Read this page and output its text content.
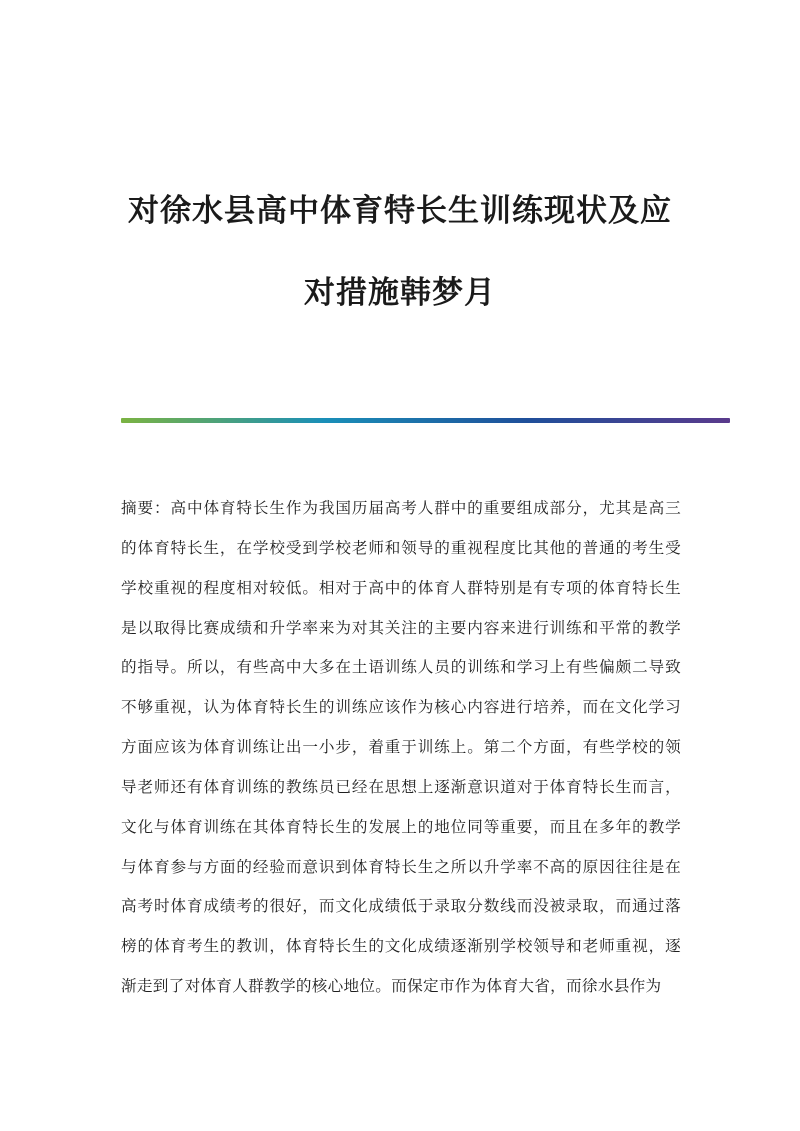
对徐水县高中体育特长生训练现状及应
对措施韩梦月
摘要：高中体育特长生作为我国历届高考人群中的重要组成部分，尤其是高三
的体育特长生，在学校受到学校老师和领导的重视程度比其他的普通的考生受
学校重视的程度相对较低。相对于高中的体育人群特别是有专项的体育特长生
是以取得比赛成绩和升学率来为对其关注的主要内容来进行训练和平常的教学
的指导。所以，有些高中大多在土语训练人员的训练和学习上有些偏颇二导致
不够重视，认为体育特长生的训练应该作为核心内容进行培养，而在文化学习
方面应该为体育训练让出一小步，着重于训练上。第二个方面，有些学校的领
导老师还有体育训练的教练员已经在思想上逐渐意识道对于体育特长生而言，
文化与体育训练在其体育特长生的发展上的地位同等重要，而且在多年的教学
与体育参与方面的经验而意识到体育特长生之所以升学率不高的原因往往是在
高考时体育成绩考的很好，而文化成绩低于录取分数线而没被录取，而通过落
榜的体育考生的教训，体育特长生的文化成绩逐渐别学校领导和老师重视，逐
渐走到了对体育人群教学的核心地位。而保定市作为体育大省，而徐水县作为
